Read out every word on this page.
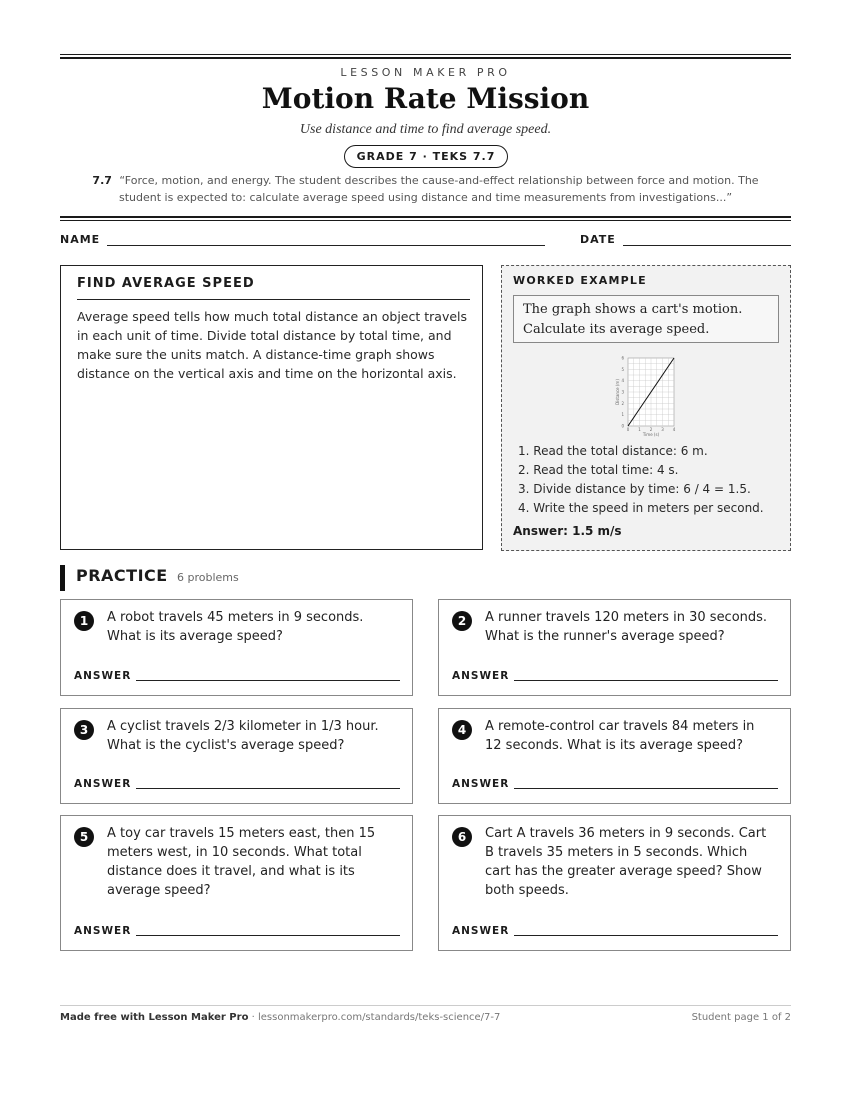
LESSON MAKER PRO
Motion Rate Mission
Use distance and time to find average speed.
GRADE 7 · TEKS 7.7
7.7 “Force, motion, and energy. The student describes the cause-and-effect relationship between force and motion. The student is expected to: calculate average speed using distance and time measurements from investigations...”
NAME	DATE
FIND AVERAGE SPEED
Average speed tells how much total distance an object travels in each unit of time. Divide total distance by total time, and make sure the units match. A distance-time graph shows distance on the vertical axis and time on the horizontal axis.
WORKED EXAMPLE
The graph shows a cart's motion. Calculate its average speed.
0
1
2
3
4
5
6
0 1 2 3 4
Time (s)
Distance (m)
1. Read the total distance: 6 m.
2. Read the total time: 4 s.
3. Divide distance by time: 6 / 4 = 1.5.
4. Write the speed in meters per second.
Answer: 1.5 m/s
PRACTICE 6 problems
1	A robot travels 45 meters in 9 seconds. What is its average speed?
ANSWER
2	A runner travels 120 meters in 30 seconds. What is the runner's average speed?
ANSWER
3	A cyclist travels 2/3 kilometer in 1/3 hour. What is the cyclist's average speed?
ANSWER
4	A remote-control car travels 84 meters in 12 seconds. What is its average speed?
ANSWER
5	A toy car travels 15 meters east, then 15 meters west, in 10 seconds. What total distance does it travel, and what is its average speed?
ANSWER
6	Cart A travels 36 meters in 9 seconds. Cart B travels 35 meters in 5 seconds. Which cart has the greater average speed? Show both speeds.
ANSWER
Made free with Lesson Maker Pro · lessonmakerpro.com/standards/teks-science/7-7	Student page 1 of 2
